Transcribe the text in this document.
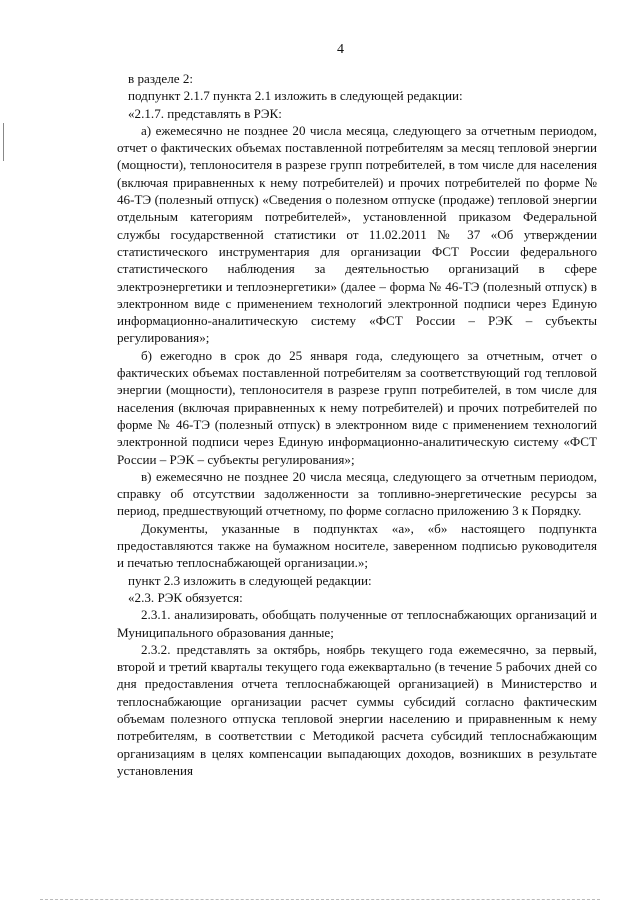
4

в разделе 2:

подпункт 2.1.7 пункта 2.1 изложить в следующей редакции:

«2.1.7. представлять в РЭК:

а) ежемесячно не позднее 20 числа месяца, следующего за отчетным периодом, отчет о фактических объемах поставленной потребителям за месяц тепловой энергии (мощности), теплоносителя в разрезе групп потребителей, в том числе для населения (включая приравненных к нему потребителей) и прочих потребителей по форме № 46-ТЭ (полезный отпуск) «Сведения о полезном отпуске (продаже) тепловой энергии отдельным категориям потребителей», установленной приказом Федеральной службы государственной статистики от 11.02.2011 № 37 «Об утверждении статистического инструментария для организации ФСТ России федерального статистического наблюдения за деятельностью организаций в сфере электроэнергетики и теплоэнергетики» (далее – форма № 46-ТЭ (полезный отпуск) в электронном виде с применением технологий электронной подписи через Единую информационно-аналитическую систему «ФСТ России – РЭК – субъекты регулирования»;

б) ежегодно в срок до 25 января года, следующего за отчетным, отчет о фактических объемах поставленной потребителям за соответствующий год тепловой энергии (мощности), теплоносителя в разрезе групп потребителей, в том числе для населения (включая приравненных к нему потребителей) и прочих потребителей по форме № 46-ТЭ (полезный отпуск) в электронном виде с применением технологий электронной подписи через Единую информационно-аналитическую систему «ФСТ России – РЭК – субъекты регулирования»;

в) ежемесячно не позднее 20 числа месяца, следующего за отчетным периодом, справку об отсутствии задолженности за топливно-энергетические ресурсы за период, предшествующий отчетному, по форме согласно приложению 3 к Порядку.

Документы, указанные в подпунктах «а», «б» настоящего подпункта предоставляются также на бумажном носителе, заверенном подписью руководителя и печатью теплоснабжающей организации.»;

пункт 2.3 изложить в следующей редакции:

«2.3. РЭК обязуется:

2.3.1. анализировать, обобщать полученные от теплоснабжающих организаций и Муниципального образования данные;

2.3.2. представлять за октябрь, ноябрь текущего года ежемесячно, за первый, второй и третий кварталы текущего года ежеквартально (в течение 5 рабочих дней со дня предоставления отчета теплоснабжающей организацией) в Министерство и теплоснабжающие организации расчет суммы субсидий согласно фактическим объемам полезного отпуска тепловой энергии населению и приравненным к нему потребителям, в соответствии с Методикой расчета субсидий теплоснабжающим организациям в целях компенсации выпадающих доходов, возникших в результате установления
